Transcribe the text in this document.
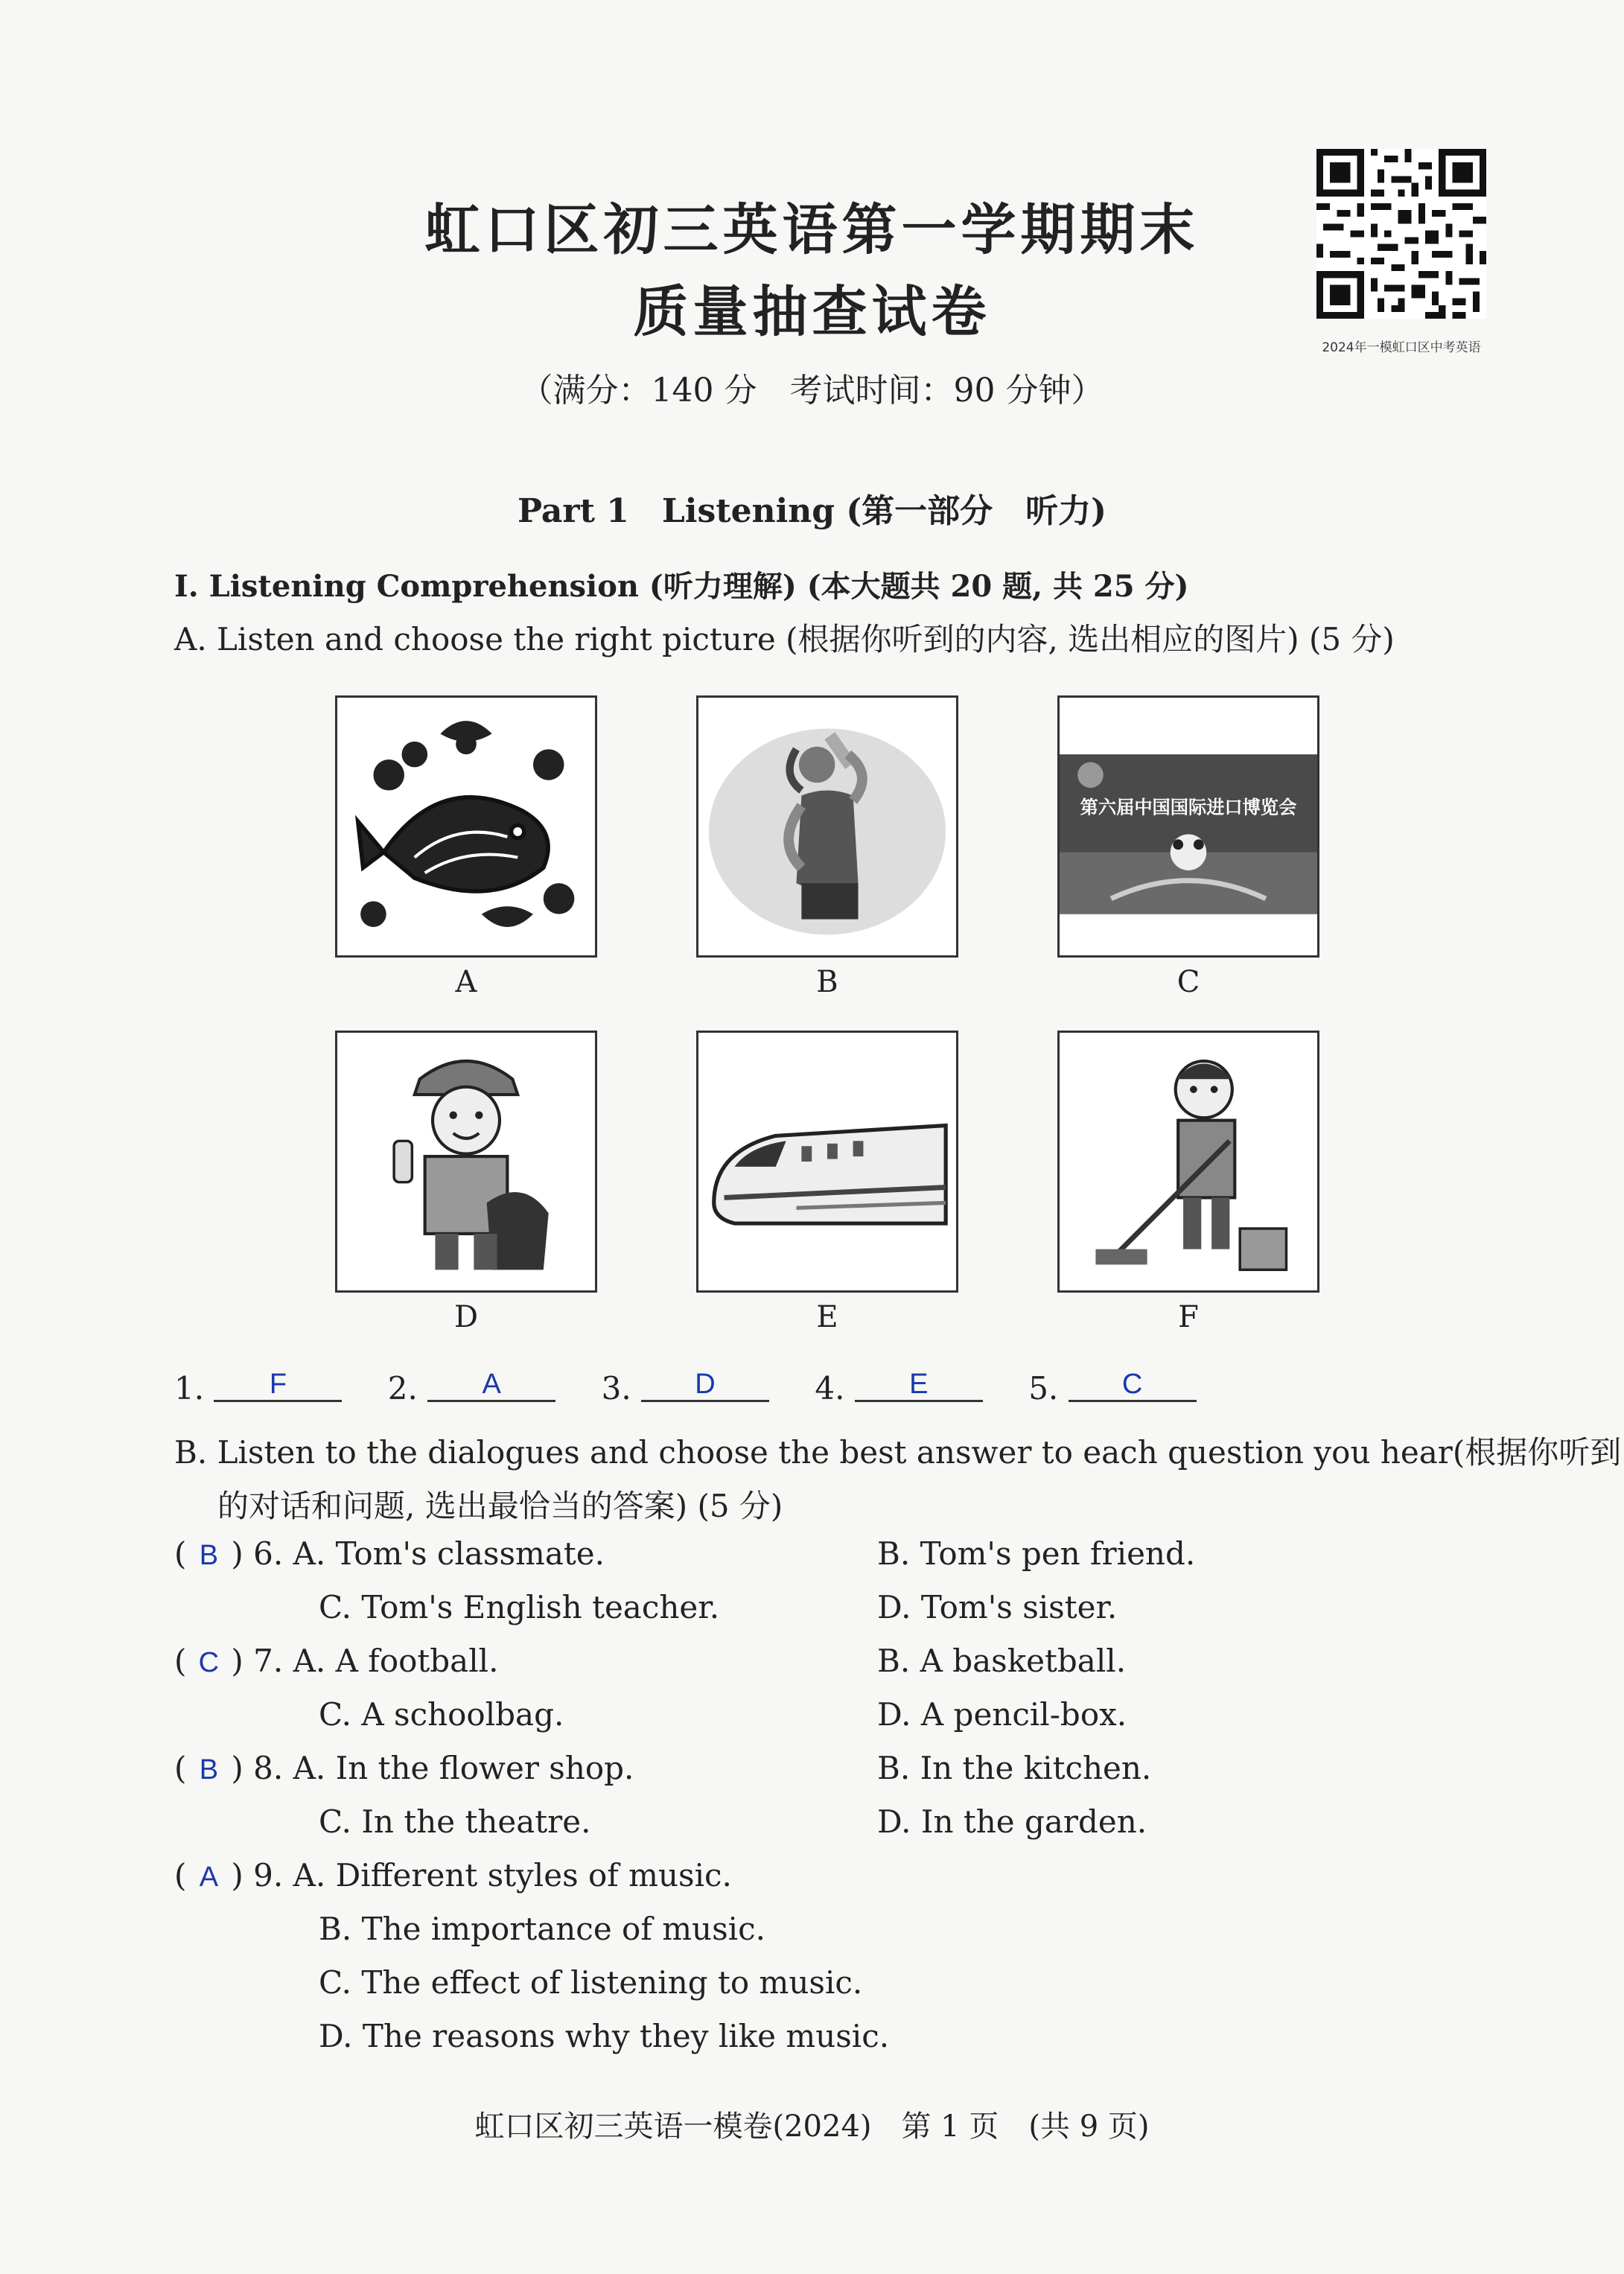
虹口区初三英语第一学期期末
质量抽查试卷
2024年一模虹口区中考英语
（满分：140 分　考试时间：90 分钟）
Part 1　Listening (第一部分　听力)
Ⅰ. Listening Comprehension (听力理解) (本大题共 20 题, 共 25 分)
A. Listen and choose the right picture (根据你听到的内容, 选出相应的图片) (5 分)
第六届中国国际进口博览会
A	B	C
D	E	F
1. F	2. A	3. D	4. E	5. C
B. Listen to the dialogues and choose the best answer to each question you hear(根据你听到
的对话和问题, 选出最恰当的答案) (5 分)
( B ) 6. A. Tom's classmate.	B. Tom's pen friend.
C. Tom's English teacher.	D. Tom's sister.
( C ) 7. A. A football.	B. A basketball.
C. A schoolbag.	D. A pencil-box.
( B ) 8. A. In the flower shop.	B. In the kitchen.
C. In the theatre.	D. In the garden.
( A ) 9. A. Different styles of music.
B. The importance of music.
C. The effect of listening to music.
D. The reasons why they like music.
虹口区初三英语一模卷(2024)　第 1 页　(共 9 页)
